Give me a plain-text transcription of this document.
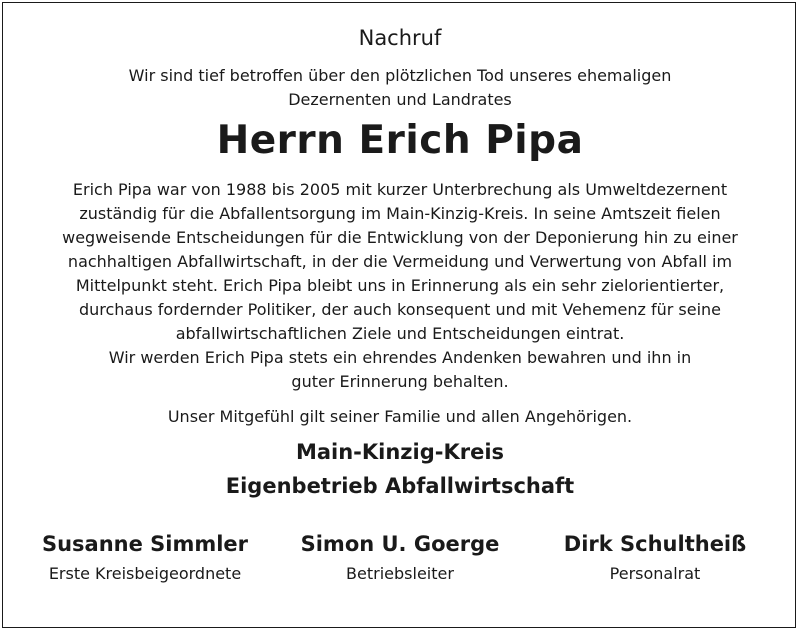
Nachruf
Wir sind tief betroffen über den plötzlichen Tod unseres ehemaligen
Dezernenten und Landrates
Herrn Erich Pipa
Erich Pipa war von 1988 bis 2005 mit kurzer Unterbrechung als Umweltdezernent
zuständig für die Abfallentsorgung im Main-Kinzig-Kreis. In seine Amtszeit fielen
wegweisende Entscheidungen für die Entwicklung von der Deponierung hin zu einer
nachhaltigen Abfallwirtschaft, in der die Vermeidung und Verwertung von Abfall im
Mittelpunkt steht. Erich Pipa bleibt uns in Erinnerung als ein sehr zielorientierter,
durchaus fordernder Politiker, der auch konsequent und mit Vehemenz für seine
abfallwirtschaftlichen Ziele und Entscheidungen eintrat.
Wir werden Erich Pipa stets ein ehrendes Andenken bewahren und ihn in
guter Erinnerung behalten.
Unser Mitgefühl gilt seiner Familie und allen Angehörigen.
Main-Kinzig-Kreis
Eigenbetrieb Abfallwirtschaft
Susanne Simmler
Erste Kreisbeigeordnete
Simon U. Goerge
Betriebsleiter
Dirk Schultheiß
Personalrat
